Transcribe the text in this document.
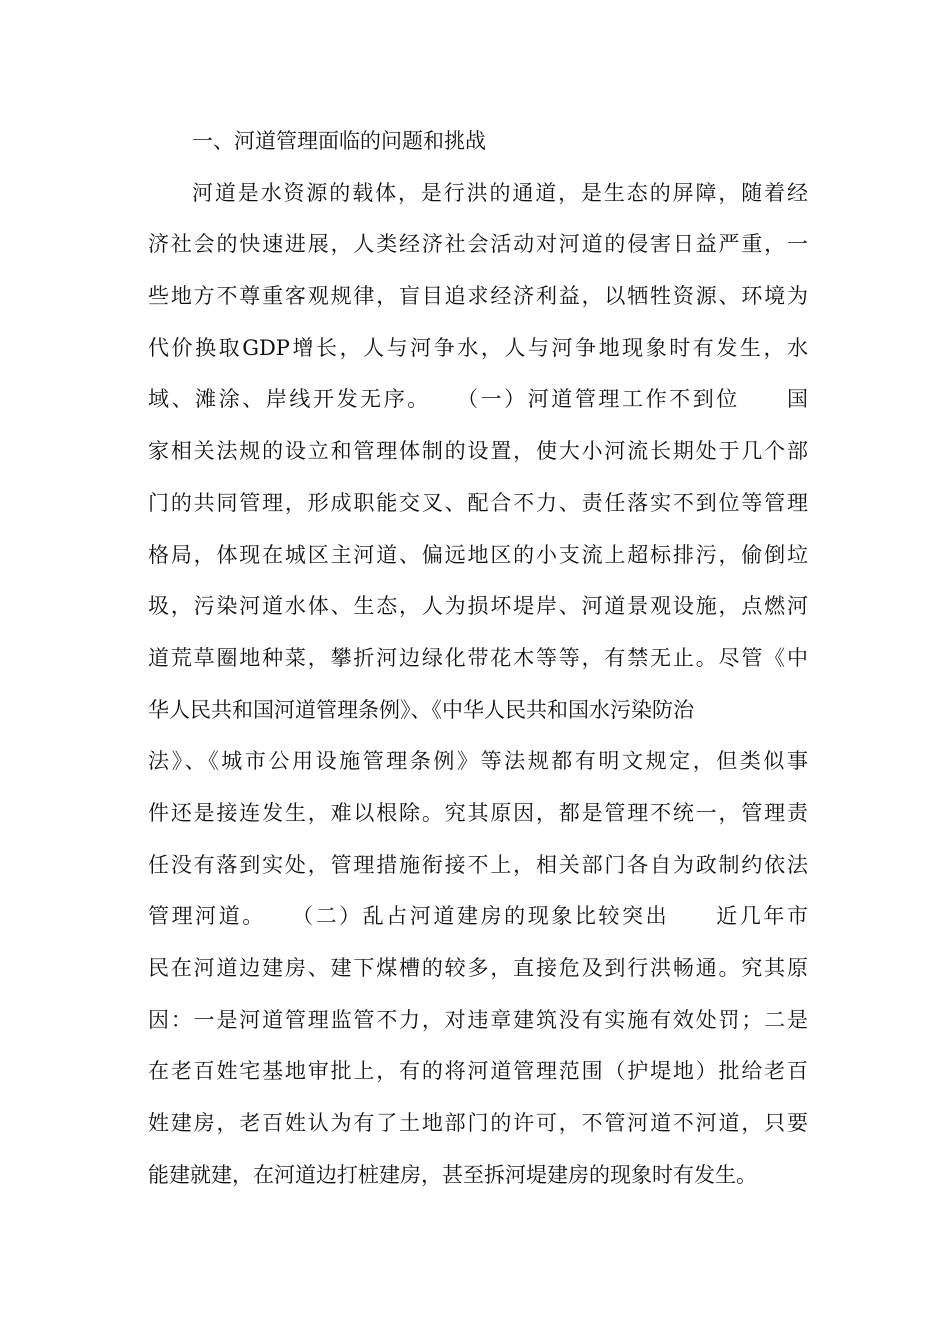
一、河道管理面临的问题和挑战
河道是水资源的载体，是行洪的通道，是生态的屏障，随着经
济社会的快速进展，人类经济社会活动对河道的侵害日益严重，一
些地方不尊重客观规律，盲目追求经济利益，以牺牲资源、环境为
代价换取GDP增长，人与河争水，人与河争地现象时有发生，水
域、滩涂、岸线开发无序。　　（一）河道管理工作不到位　　国
家相关法规的设立和管理体制的设置，使大小河流长期处于几个部
门的共同管理，形成职能交叉、配合不力、责任落实不到位等管理
格局，体现在城区主河道、偏远地区的小支流上超标排污，偷倒垃
圾，污染河道水体、生态，人为损坏堤岸、河道景观设施，点燃河
道荒草圈地种菜，攀折河边绿化带花木等等，有禁无止。尽管《中
华人民共和国河道管理条例》、《中华人民共和国水污染防治
法》、《城市公用设施管理条例》等法规都有明文规定，但类似事
件还是接连发生，难以根除。究其原因，都是管理不统一，管理责
任没有落到实处，管理措施衔接不上，相关部门各自为政制约依法
管理河道。　　（二）乱占河道建房的现象比较突出　　近几年市
民在河道边建房、建下煤槽的较多，直接危及到行洪畅通。究其原
因：一是河道管理监管不力，对违章建筑没有实施有效处罚；二是
在老百姓宅基地审批上，有的将河道管理范围（护堤地）批给老百
姓建房，老百姓认为有了土地部门的许可，不管河道不河道，只要
能建就建，在河道边打桩建房，甚至拆河堤建房的现象时有发生。
